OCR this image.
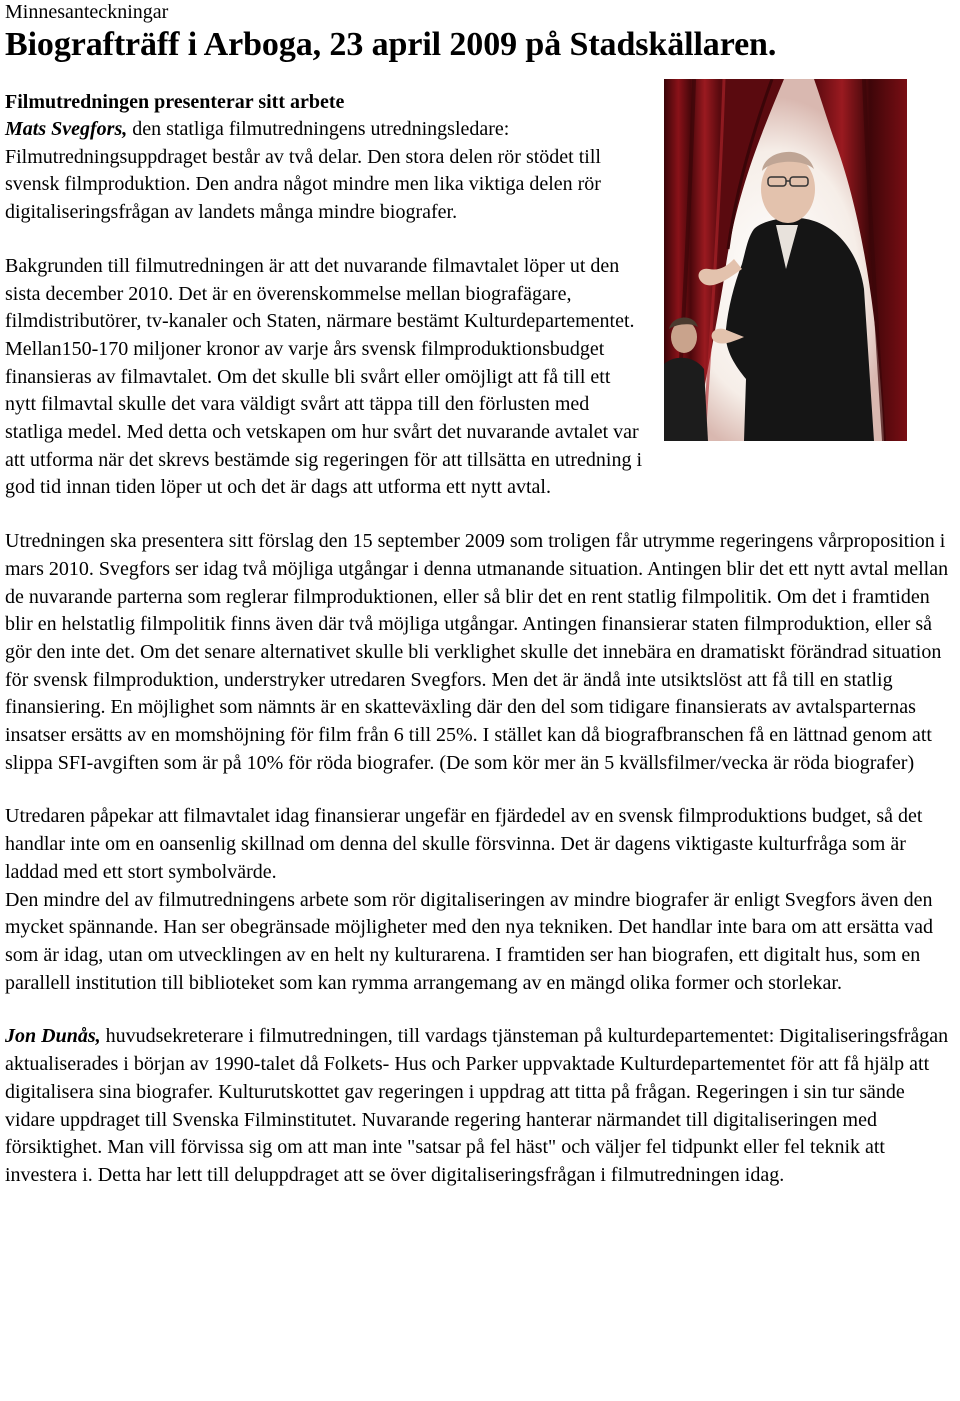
Minnesanteckningar

Biografträff i Arboga, 23 april 2009 på Stadskällaren.

Filmutredningen presenterar sitt arbete

Mats Svegfors, den statliga filmutredningens utredningsledare:

Filmutredningsuppdraget består av två delar. Den stora delen rör stödet till svensk filmproduktion. Den andra något mindre men lika viktiga delen rör digitaliseringsfrågan av landets många mindre biografer.

Bakgrunden till filmutredningen är att det nuvarande filmavtalet löper ut den sista december 2010. Det är en överenskommelse mellan biografägare, filmdistributörer, tv-kanaler och Staten, närmare bestämt Kulturdepartementet. Mellan150-170 miljoner kronor av varje års svensk filmproduktionsbudget finansieras av filmavtalet. Om det skulle bli svårt eller omöjligt att få till ett nytt filmavtal skulle det vara väldigt svårt att täppa till den förlusten med statliga medel. Med detta och vetskapen om hur svårt det nuvarande avtalet var att utforma när det skrevs bestämde sig regeringen för att tillsätta en utredning i god tid innan tiden löper ut och det är dags att utforma ett nytt avtal.

Utredningen ska presentera sitt förslag den 15 september 2009 som troligen får utrymme regeringens vårproposition i mars 2010. Svegfors ser idag två möjliga utgångar i denna utmanande situation. Antingen blir det ett nytt avtal mellan de nuvarande parterna som reglerar filmproduktionen, eller så blir det en rent statlig filmpolitik. Om det i framtiden blir en helstatlig filmpolitik finns även där två möjliga utgångar. Antingen finansierar staten filmproduktion, eller så gör den inte det. Om det senare alternativet skulle bli verklighet skulle det innebära en dramatiskt förändrad situation för svensk filmproduktion, understryker utredaren Svegfors. Men det är ändå inte utsiktslöst att få till en statlig finansiering. En möjlighet som nämnts är en skatteväxling där den del som tidigare finansierats av avtalsparternas insatser ersätts av en momshöjning för film från 6 till 25%. I stället kan då biografbranschen få en lättnad genom att slippa SFI-avgiften som är på 10% för röda biografer. (De som kör mer än 5 kvällsfilmer/vecka är röda biografer)

Utredaren påpekar att filmavtalet idag finansierar ungefär en fjärdedel av en svensk filmproduktions budget, så det handlar inte om en oansenlig skillnad om denna del skulle försvinna. Det är dagens viktigaste kulturfråga som är laddad med ett stort symbolvärde.

Den mindre del av filmutredningens arbete som rör digitaliseringen av mindre biografer är enligt Svegfors även den mycket spännande. Han ser obegränsade möjligheter med den nya tekniken. Det handlar inte bara om att ersätta vad som är idag, utan om utvecklingen av en helt ny kulturarena. I framtiden ser han biografen, ett digitalt hus, som en parallell institution till biblioteket som kan rymma arrangemang av en mängd olika former och storlekar.

Jon Dunås, huvudsekreterare i filmutredningen, till vardags tjänsteman på kulturdepartementet: Digitaliseringsfrågan aktualiserades i början av 1990-talet då Folkets- Hus och Parker uppvaktade Kulturdepartementet för att få hjälp att digitalisera sina biografer. Kulturutskottet gav regeringen i uppdrag att titta på frågan. Regeringen i sin tur sände vidare uppdraget till Svenska Filminstitutet. Nuvarande regering hanterar närmandet till digitaliseringen med försiktighet. Man vill förvissa sig om att man inte "satsar på fel häst" och väljer fel tidpunkt eller fel teknik att investera i. Detta har lett till deluppdraget att se över digitaliseringsfrågan i filmutredningen idag.
